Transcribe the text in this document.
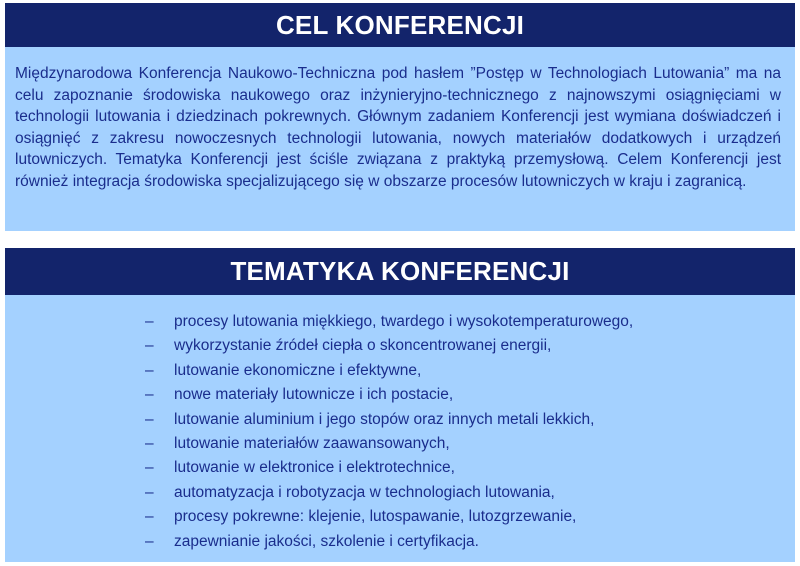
CEL KONFERENCJI

Międzynarodowa Konferencja Naukowo-Techniczna pod hasłem ”Postęp w Technologiach Lutowania” ma na celu zapoznanie środowiska naukowego oraz inżynieryjno-technicznego z najnowszymi osiągnięciami w technologii lutowania i dziedzinach pokrewnych. Głównym zadaniem Konferencji jest wymiana doświadczeń i osiągnięć z zakresu nowoczesnych technologii lutowania, nowych materiałów dodatkowych i urządzeń lutowniczych. Tematyka Konferencji jest ściśle związana z praktyką przemysłową. Celem Konferencji jest również integracja środowiska specjalizującego się w obszarze procesów lutowniczych w kraju i zagranicą.

TEMATYKA KONFERENCJI
– procesy lutowania miękkiego, twardego i wysokotemperaturowego,
– wykorzystanie źródeł ciepła o skoncentrowanej energii,
– lutowanie ekonomiczne i efektywne,
– nowe materiały lutownicze i ich postacie,
– lutowanie aluminium i jego stopów oraz innych metali lekkich,
– lutowanie materiałów zaawansowanych,
– lutowanie w elektronice i elektrotechnice,
– automatyzacja i robotyzacja w technologiach lutowania,
– procesy pokrewne: klejenie, lutospawanie, lutozgrzewanie,
– zapewnianie jakości, szkolenie i certyfikacja.
